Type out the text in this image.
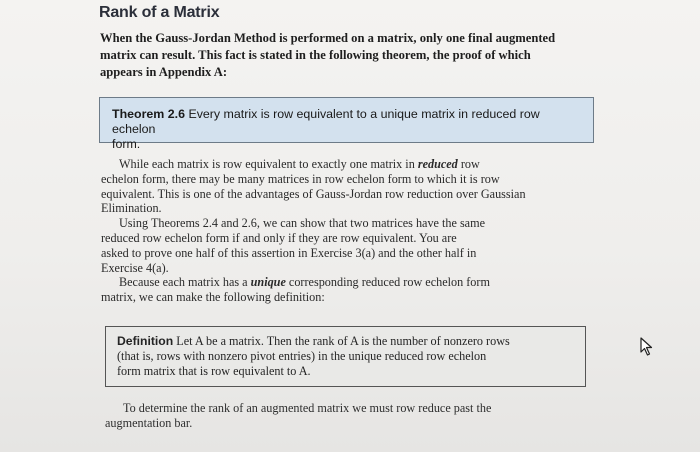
Rank of a Matrix
When the Gauss-Jordan Method is performed on a matrix, only one final augmented
matrix can result. This fact is stated in the following theorem, the proof of which
appears in Appendix A:
Theorem 2.6 Every matrix is row equivalent to a unique matrix in reduced row echelon
form.
While each matrix is row equivalent to exactly one matrix in reduced row
echelon form, there may be many matrices in row echelon form to which it is row
equivalent. This is one of the advantages of Gauss-Jordan row reduction over Gaussian
Elimination.
Using Theorems 2.4 and 2.6, we can show that two matrices have the same
reduced row echelon form if and only if they are row equivalent. You are
asked to prove one half of this assertion in Exercise 3(a) and the other half in
Exercise 4(a).
Because each matrix has a unique corresponding reduced row echelon form
matrix, we can make the following definition:
Definition Let A be a matrix. Then the rank of A is the number of nonzero rows
(that is, rows with nonzero pivot entries) in the unique reduced row echelon
form matrix that is row equivalent to A.
To determine the rank of an augmented matrix we must row reduce past the
augmentation bar.
